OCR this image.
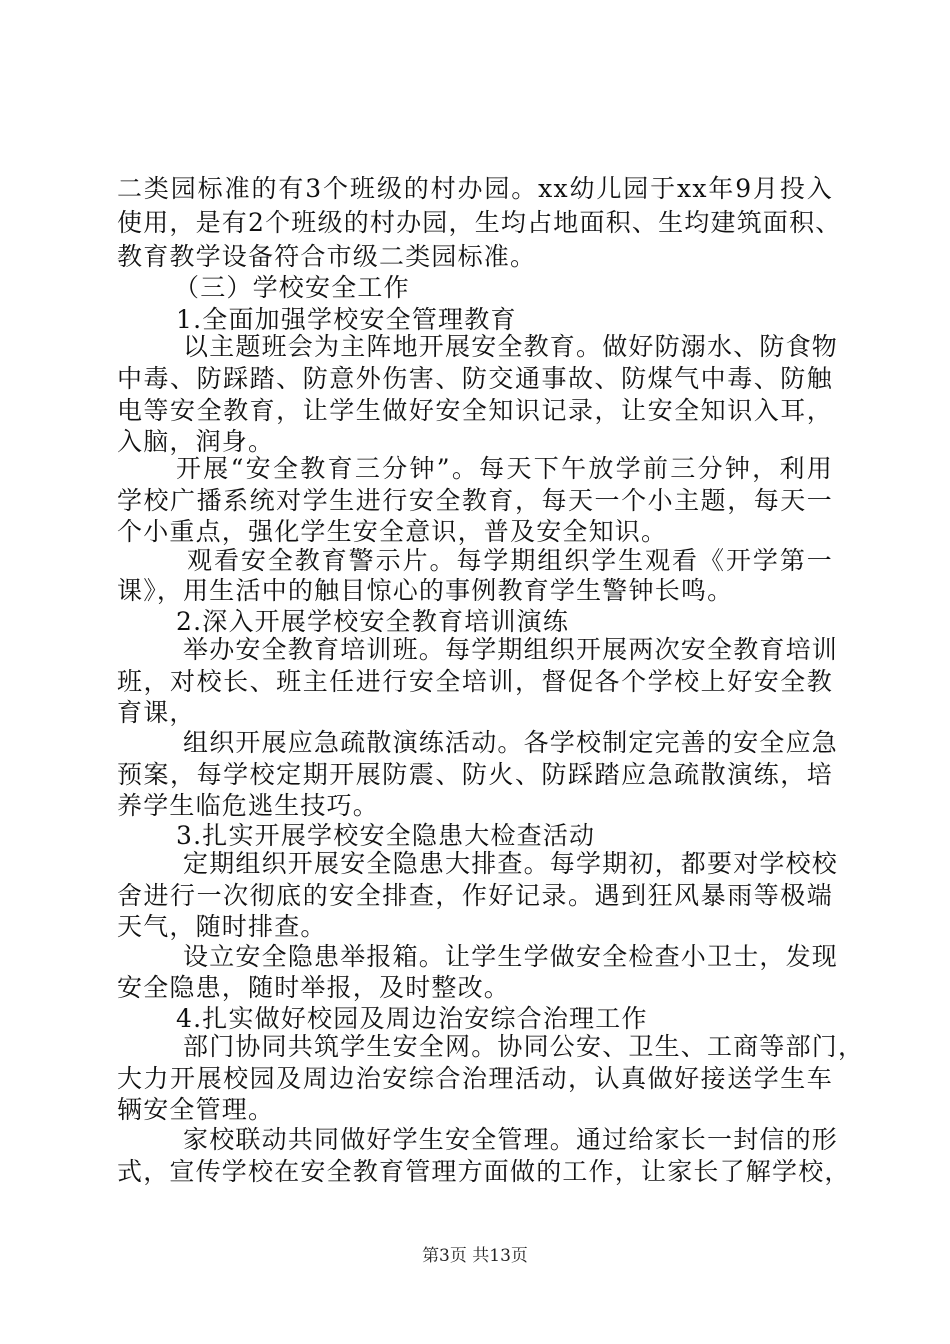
二类园标准的有3个班级的村办园。xx幼儿园于xx年9月投入
使用，是有2个班级的村办园，生均占地面积、生均建筑面积、
教育教学设备符合市级二类园标准。
（三）学校安全工作
1.全面加强学校安全管理教育
以主题班会为主阵地开展安全教育。做好防溺水、防食物
中毒、防踩踏、防意外伤害、防交通事故、防煤气中毒、防触
电等安全教育，让学生做好安全知识记录，让安全知识入耳，
入脑，润身。
开展“安全教育三分钟”。每天下午放学前三分钟，利用
学校广播系统对学生进行安全教育，每天一个小主题，每天一
个小重点，强化学生安全意识，普及安全知识。
观看安全教育警示片。每学期组织学生观看《开学第一
课》，用生活中的触目惊心的事例教育学生警钟长鸣。
2.深入开展学校安全教育培训演练
举办安全教育培训班。每学期组织开展两次安全教育培训
班，对校长、班主任进行安全培训，督促各个学校上好安全教
育课，
组织开展应急疏散演练活动。各学校制定完善的安全应急
预案，每学校定期开展防震、防火、防踩踏应急疏散演练，培
养学生临危逃生技巧。
3.扎实开展学校安全隐患大检查活动
定期组织开展安全隐患大排查。每学期初，都要对学校校
舍进行一次彻底的安全排查，作好记录。遇到狂风暴雨等极端
天气，随时排查。
设立安全隐患举报箱。让学生学做安全检查小卫士，发现
安全隐患，随时举报，及时整改。
4.扎实做好校园及周边治安综合治理工作
部门协同共筑学生安全网。协同公安、卫生、工商等部门，
大力开展校园及周边治安综合治理活动，认真做好接送学生车
辆安全管理。
家校联动共同做好学生安全管理。通过给家长一封信的形
式，宣传学校在安全教育管理方面做的工作，让家长了解学校，
第3页 共13页
